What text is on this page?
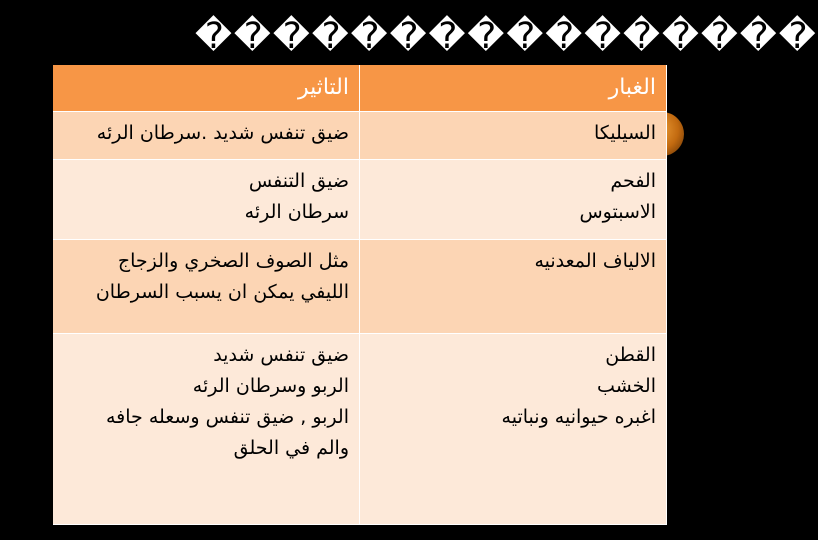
����������������
الغبار
التاثير
السيليكا
ضيق تنفس شديد .سرطان الرئه
الفحم
الاسبتوس
ضيق التنفس
سرطان الرئه
الالياف المعدنيه
مثل الصوف الصخري والزجاج
الليفي يمكن ان يسبب السرطان
القطن
الخشب
اغبره حيوانيه ونباتيه
ضيق تنفس شديد
الربو وسرطان الرئه
الربو , ضيق تنفس وسعله جافه
والم في الحلق
